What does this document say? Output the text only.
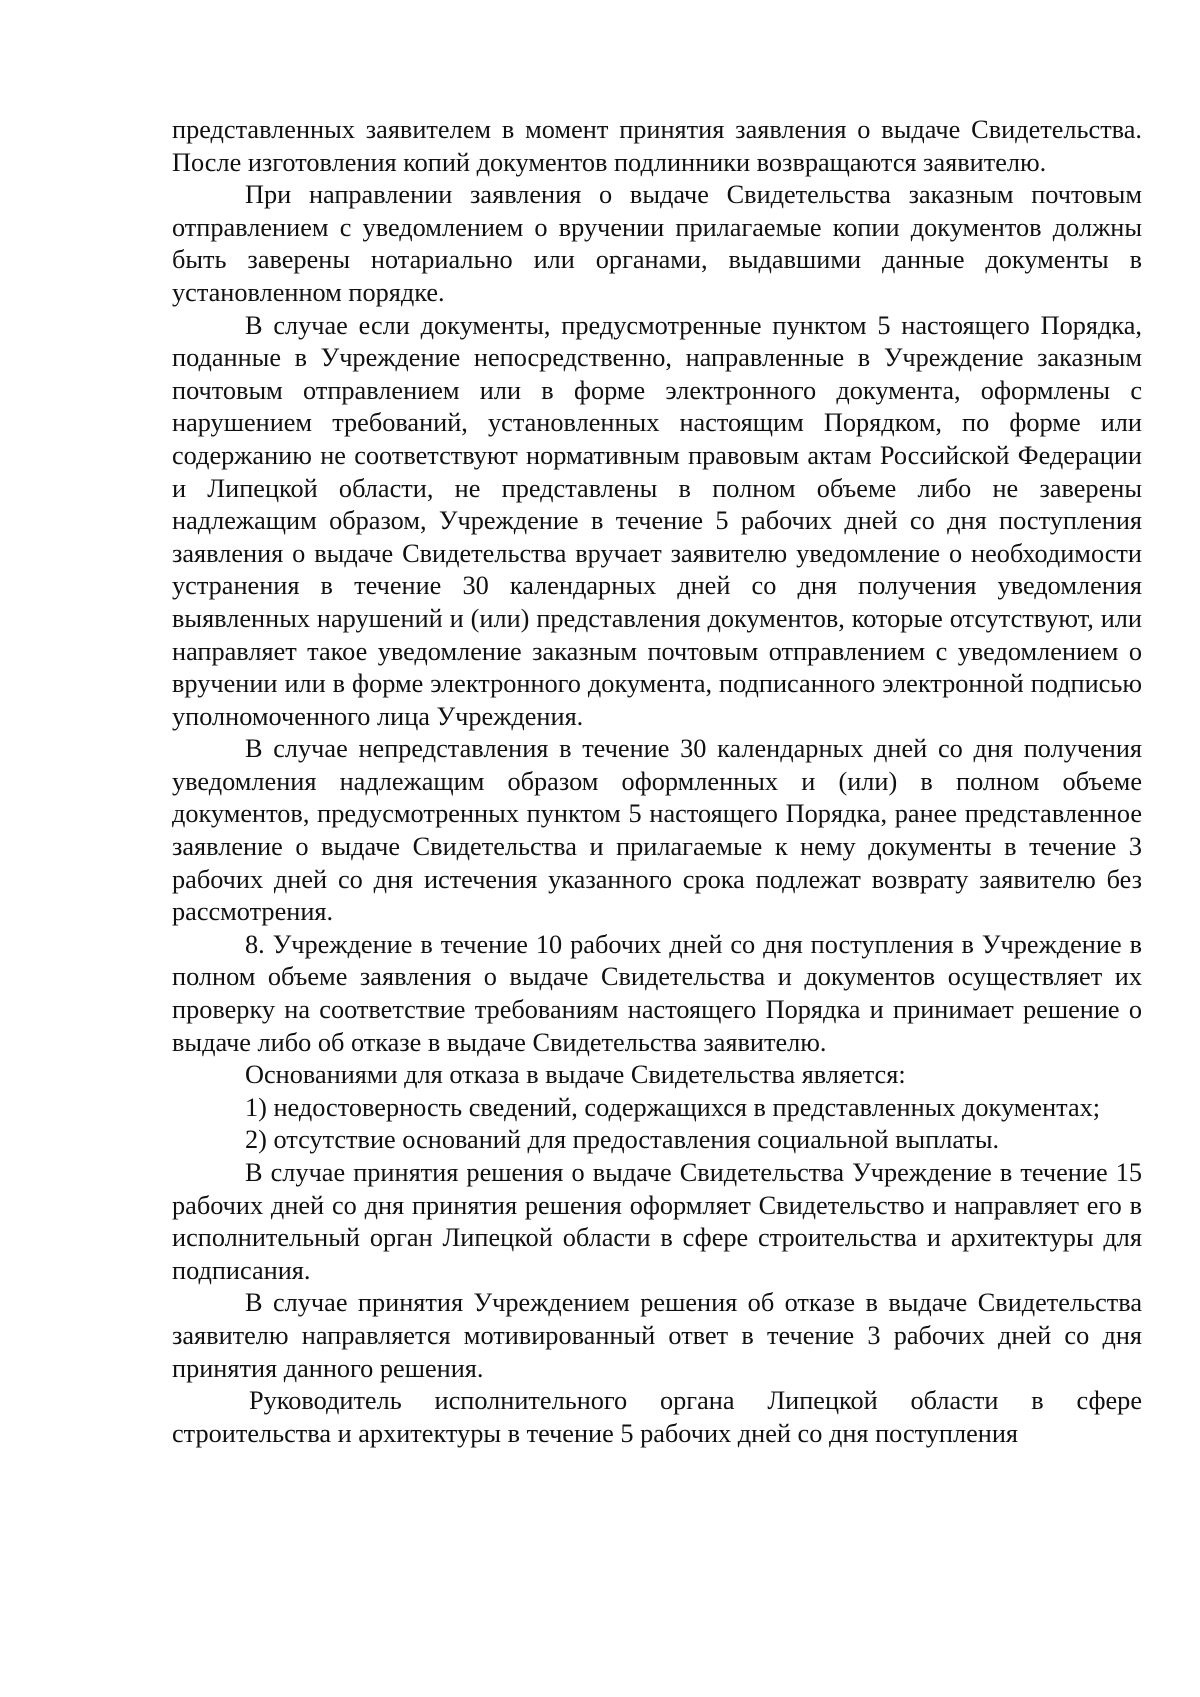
представленных заявителем в момент принятия заявления о выдаче Свидетельства. После изготовления копий документов подлинники возвращаются заявителю.

При направлении заявления о выдаче Свидетельства заказным почтовым отправлением с уведомлением о вручении прилагаемые копии документов должны быть заверены нотариально или органами, выдавшими данные документы в установленном порядке.

В случае если документы, предусмотренные пунктом 5 настоящего Порядка, поданные в Учреждение непосредственно, направленные в Учреждение заказным почтовым отправлением или в форме электронного документа, оформлены с нарушением требований, установленных настоящим Порядком, по форме или содержанию не соответствуют нормативным правовым актам Российской Федерации и Липецкой области, не представлены в полном объеме либо не заверены надлежащим образом, Учреждение в течение 5 рабочих дней со дня поступления заявления о выдаче Свидетельства вручает заявителю уведомление о необходимости устранения в течение 30 календарных дней со дня получения уведомления выявленных нарушений и (или) представления документов, которые отсутствуют, или направляет такое уведомление заказным почтовым отправлением с уведомлением о вручении или в форме электронного документа, подписанного электронной подписью уполномоченного лица Учреждения.

В случае непредставления в течение 30 календарных дней со дня получения уведомления надлежащим образом оформленных и (или) в полном объеме документов, предусмотренных пунктом 5 настоящего Порядка, ранее представленное заявление о выдаче Свидетельства и прилагаемые к нему документы в течение 3 рабочих дней со дня истечения указанного срока подлежат возврату заявителю без рассмотрения.

8. Учреждение в течение 10 рабочих дней со дня поступления в Учреждение в полном объеме заявления о выдаче Свидетельства и документов осуществляет их проверку на соответствие требованиям настоящего Порядка и принимает решение о выдаче либо об отказе в выдаче Свидетельства заявителю.

Основаниями для отказа в выдаче Свидетельства является:

1) недостоверность сведений, содержащихся в представленных документах;

2) отсутствие оснований для предоставления социальной выплаты.

В случае принятия решения о выдаче Свидетельства Учреждение в течение 15 рабочих дней со дня принятия решения оформляет Свидетельство и направляет его в исполнительный орган Липецкой области в сфере строительства и архитектуры для подписания.

В случае принятия Учреждением решения об отказе в выдаче Свидетельства заявителю направляется мотивированный ответ в течение 3 рабочих дней со дня принятия данного решения.

Руководитель исполнительного органа Липецкой области в сфере строительства и архитектуры в течение 5 рабочих дней со дня поступления
